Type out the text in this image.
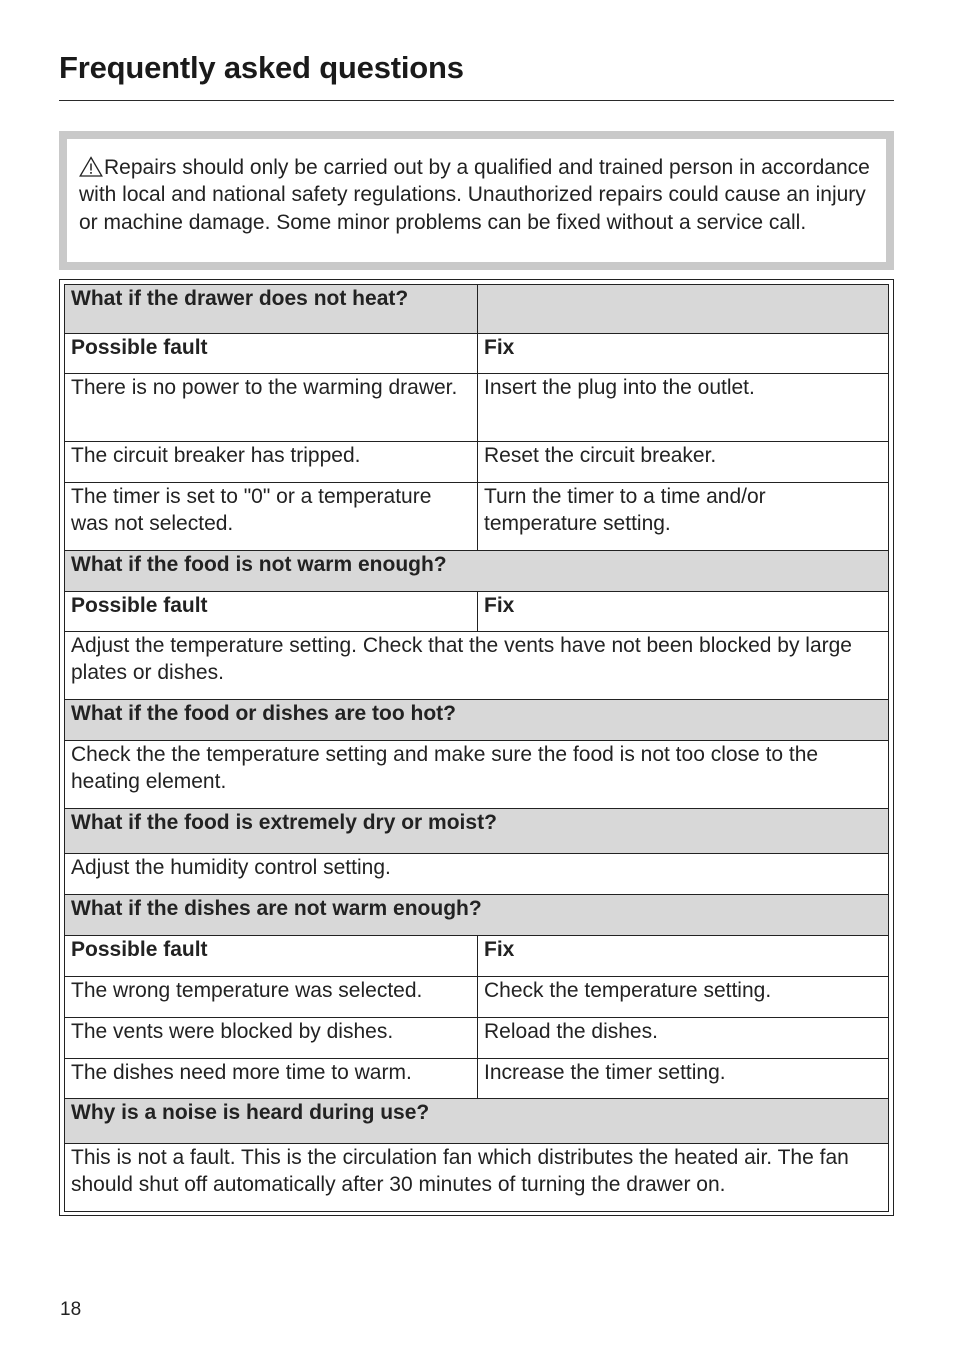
Frequently asked questions
Repairs should only be carried out by a qualified and trained person in accordance with local and national safety regulations. Unauthorized repairs could cause an injury or machine damage. Some minor problems can be fixed without a service call.
What if the drawer does not heat?	
Possible fault	Fix
There is no power to the warming drawer.	Insert the plug into the outlet.
The circuit breaker has tripped.	Reset the circuit breaker.
The timer is set to "0" or a temperature was not selected.	Turn the timer to a time and/or temperature setting.
What if the food is not warm enough?	
Possible fault	Fix
Adjust the temperature setting. Check that the vents have not been blocked by large plates or dishes.	
What if the food or dishes are too hot?	
Check the the temperature setting and make sure the food is not too close to the heating element.	
What if the food is extremely dry or moist?	
Adjust the humidity control setting.	
What if the dishes are not warm enough?	
Possible fault	Fix
The wrong temperature was selected.	Check the temperature setting.
The vents were blocked by dishes.	Reload the dishes.
The dishes need more time to warm.	Increase the timer setting.
Why is a noise is heard during use?	
This is not a fault. This is the circulation fan which distributes the heated air. The fan should shut off automatically after 30 minutes of turning the drawer on.	
18
